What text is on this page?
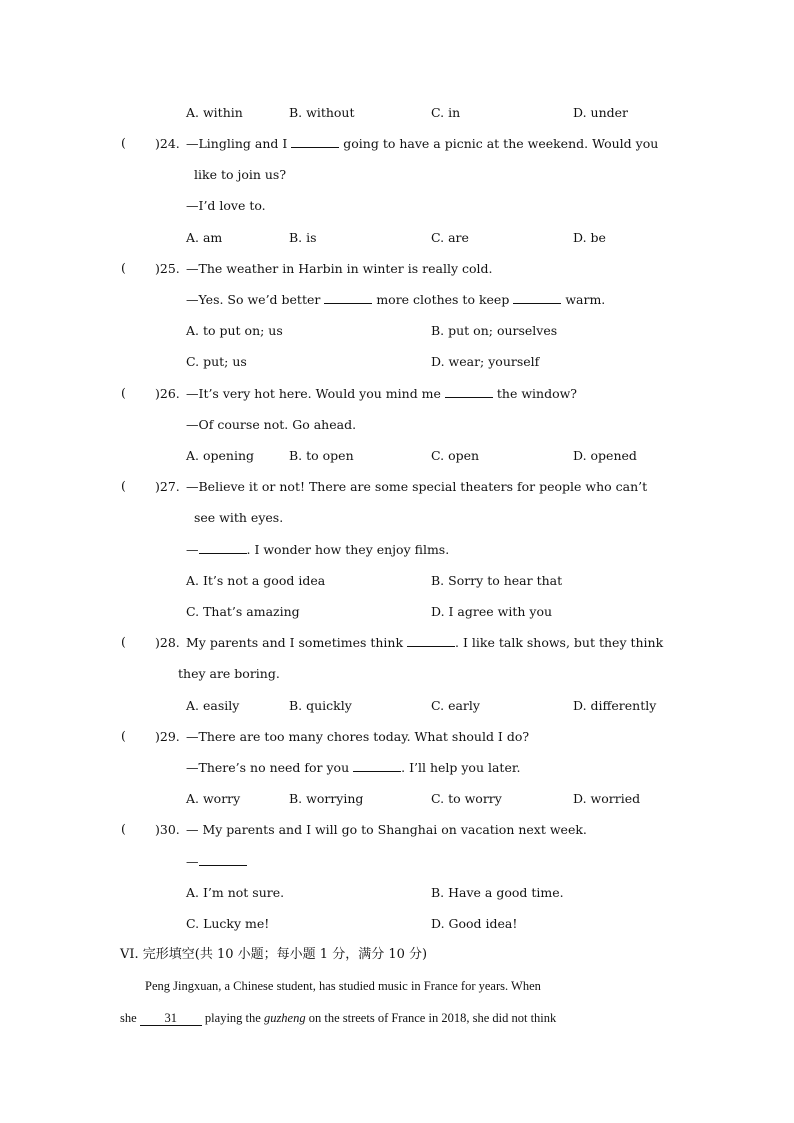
A. within	B. without	C. in	D. under
( )24. —Lingling and I	going to have a picnic at the weekend. Would you
like to join us?
—I’d love to.
A. am	B. is	C. are	D. be
( )25. —The weather in Harbin in winter is really cold.
—Yes. So we’d better	more clothes to keep	warm.
A. to put on; us	B. put on; ourselves
C. put; us	D. wear; yourself
( )26. —It’s very hot here. Would you mind me	the window?
—Of course not. Go ahead.
A. opening	B. to open	C. open	D. opened
( )27. —Believe it or not! There are some special theaters for people who can’t
see with eyes.
—	. I wonder how they enjoy films.
A. It’s not a good idea	B. Sorry to hear that
C. That’s amazing	D. I agree with you
( )28. My parents and I sometimes think	. I like talk shows, but they think
they are boring.
A. easily	B. quickly	C. early	D. differently
( )29. —There are too many chores today. What should I do?
—There’s no need for you	. I’ll help you later.
A. worry	B. worrying	C. to worry	D. worried
( )30. — My parents and I will go to Shanghai on vacation next week.
—
A. I’m not sure.	B. Have a good time.
C. Lucky me!	D. Good idea!
VI. 完形填空(共 10 小题；每小题 1 分，满分 10 分)
Peng Jingxuan, a Chinese student, has studied music in France for years. When
she 31 playing the guzheng on the streets of France in 2018, she did not think
